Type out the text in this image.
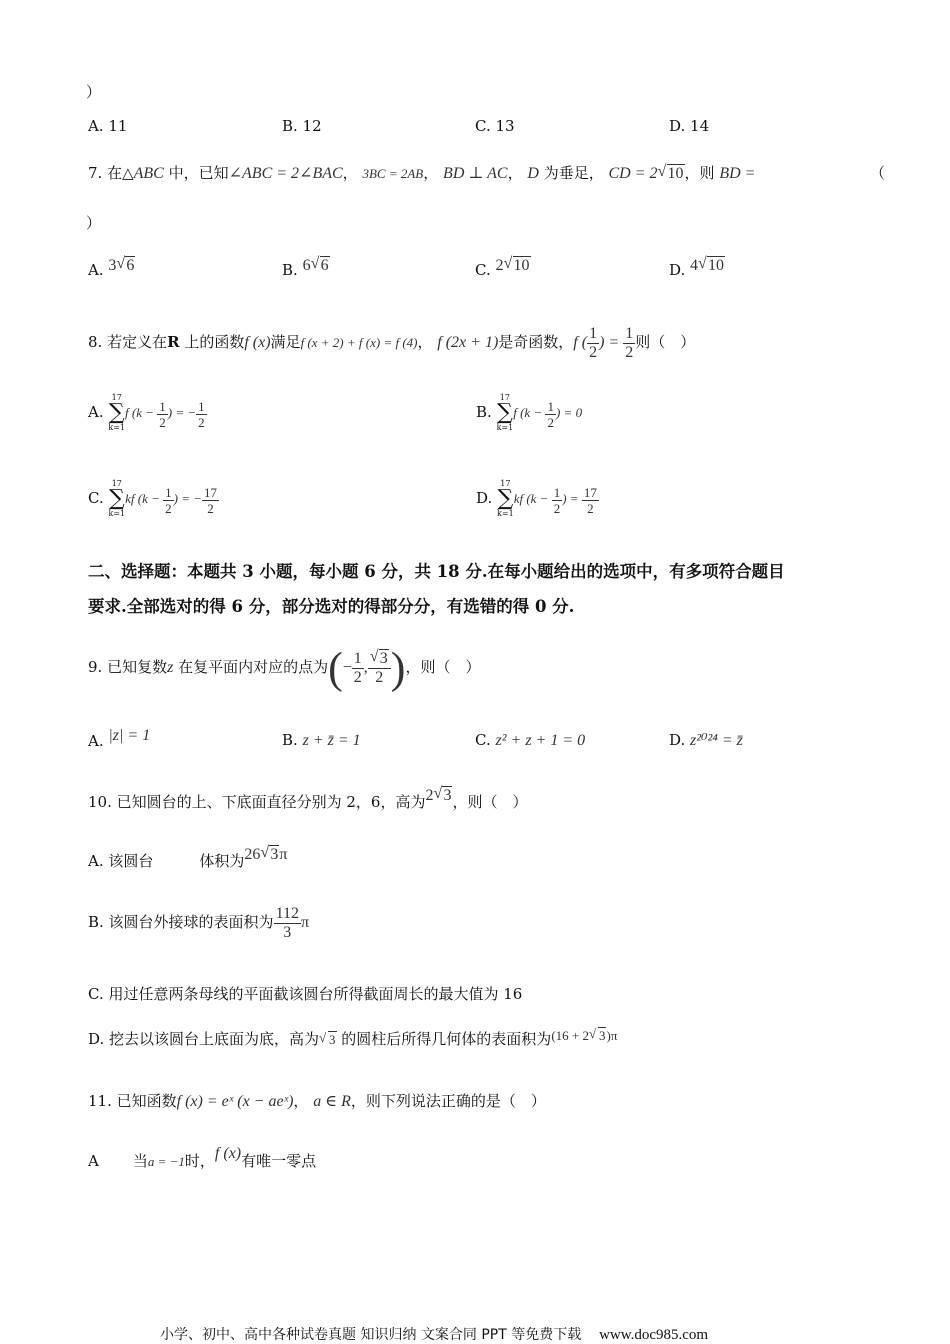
）
A. 11	B. 12	C. 13	D. 14
7. 在△ABC 中，已知∠ABC = 2∠BAC， 3BC = 2AB， BD ⊥ AC， D 为垂足， CD = 2 √ 10，则 BD =	（
）
A. 3 √ 6	B. 6 √ 6	C. 2 √ 10	D. 4 √ 10
8. 若定义在R 上的函数f (x)满足f (x + 2) + f (x) = f (4)， f (2x + 1)是奇函数，f ( $\frac{1}{2}$ ) = $\frac{1}{2}$ 则（　）
A.
17
∑
k=1
f ($k - \frac{1}{2}$ ) = − $\frac{1}{2}$	B.
17
∑
k=1
f ($k - \frac{1}{2}$ ) = 0
C.
17
∑
k=1
kf ($k - \frac{1}{2}$ ) = − $\frac{17}{2}$	D.
17
∑
k=1
kf ($k - \frac{1}{2}$ ) = $\frac{17}{2}$
二、选择题：本题共 3 小题，每小题 6 分，共 18 分.在每小题给出的选项中，有多项符合题目
要求.全部选对的得 6 分，部分选对的得部分分，有选错的得 0 分.
9. 已知复数z 在复平面内对应的点为(− $\frac{1}{2}$ , √ $\frac{3}{2}$ )，则（　）
A. |z| = 1	B. z + z̄ = 1	C. z² + z + 1 = 0	D. z²⁰²⁴ = z̄
10. 已知圆台的上、下底面直径分别为 2，6，高为2 √ 3，则（　）
A. 该圆台	体积为26 √ 3π
B. 该圆台外接球的表面积为 $\frac{112}{3}$ π
C. 用过任意两条母线的平面截该圆台所得截面周长的最大值为 16
D. 挖去以该圆台上底面为底，高为 √ 3 的圆柱后所得几何体的表面积为(16 + 2 √ 3)π
11. 已知函数f (x) = eˣ (x − aeˣ)， a ∈ R，则下列说法正确的是（　）
A 当a = −1时，f (x)有唯一零点
小学、初中、高中各种试卷真题 知识归纳 文案合同 PPT 等免费下载 www.doc985.com
